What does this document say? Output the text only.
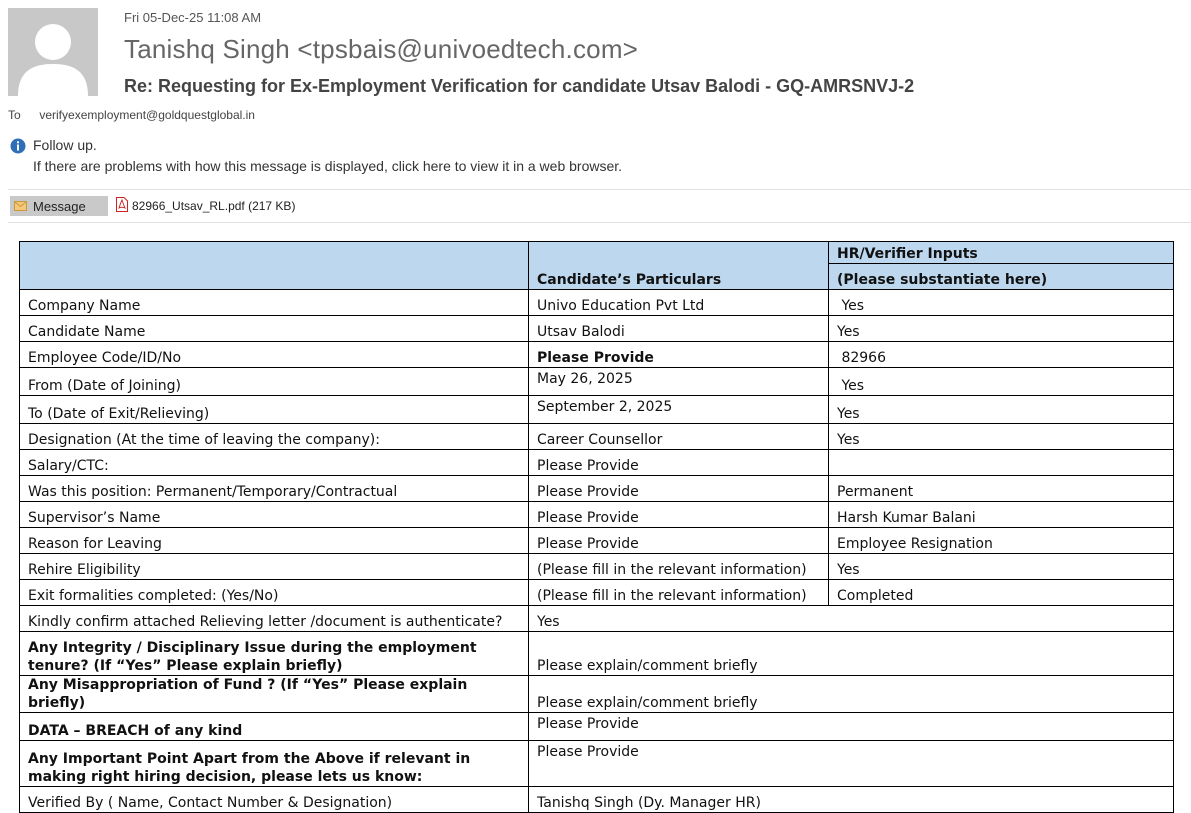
Fri 05-Dec-25 11:08 AM
Tanishq Singh <tpsbais@univoedtech.com>
Re: Requesting for Ex-Employment Verification for candidate Utsav Balodi - GQ-AMRSNVJ-2
To verifyexemployment@goldquestglobal.in
Follow up.
If there are problems with how this message is displayed, click here to view it in a web browser.
Message	82966_Utsav_RL.pdf (217 KB)
	Candidate’s Particulars	HR/Verifier Inputs
		(Please substantiate here)
Company Name	Univo Education Pvt Ltd	Yes
Candidate Name	Utsav Balodi	Yes
Employee Code/ID/No	Please Provide	82966
From (Date of Joining)	May 26, 2025	Yes
To (Date of Exit/Relieving)	September 2, 2025	Yes
Designation (At the time of leaving the company):	Career Counsellor	Yes
Salary/CTC:	Please Provide	
Was this position: Permanent/Temporary/Contractual	Please Provide	Permanent
Supervisor’s Name	Please Provide	Harsh Kumar Balani
Reason for Leaving	Please Provide	Employee Resignation
Rehire Eligibility	(Please fill in the relevant information)	Yes
Exit formalities completed: (Yes/No)	(Please fill in the relevant information)	Completed
Kindly confirm attached Relieving letter /document is authenticate?	Yes	
Any Integrity / Disciplinary Issue during the employment tenure? (If “Yes” Please explain briefly)	Please explain/comment briefly	
Any Misappropriation of Fund ? (If “Yes” Please explain briefly)	Please explain/comment briefly	
DATA – BREACH of any kind	Please Provide	
Any Important Point Apart from the Above if relevant in making right hiring decision, please lets us know:	Please Provide	
Verified By ( Name, Contact Number & Designation)	Tanishq Singh (Dy. Manager HR)	
